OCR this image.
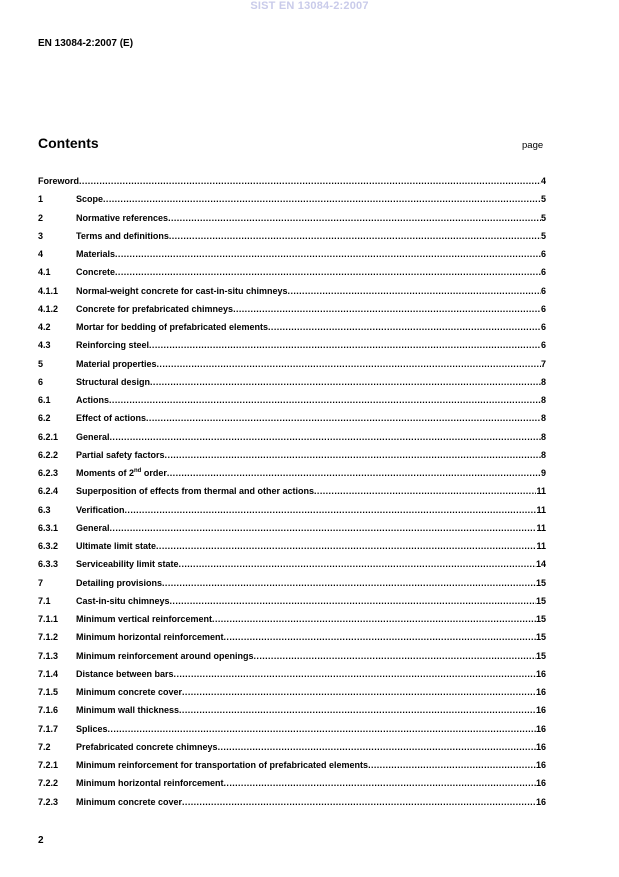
SIST EN 13084-2:2007
EN 13084-2:2007 (E)
Contents	page
Foreword .....	4
1	Scope .....	5
2	Normative references .....	5
3	Terms and definitions .....	5
4	Materials .....	6
4.1	Concrete .....	6
4.1.1 Normal-weight concrete for cast-in-situ chimneys .....	6
4.1.2 Concrete for prefabricated chimneys .....	6
4.2	Mortar for bedding of prefabricated elements .....	6
4.3	Reinforcing steel .....	6
5	Material properties .....	7
6	Structural design .....	8
6.1	Actions .....	8
6.2	Effect of actions .....	8
6.2.1 General .....	8
6.2.2 Partial safety factors .....	8
6.2.3 Moments of 2nd order .....	9
6.2.4 Superposition of effects from thermal and other actions .....	11
6.3	Verification .....	11
6.3.1 General .....	11
6.3.2 Ultimate limit state .....	11
6.3.3 Serviceability limit state .....	14
7	Detailing provisions .....	15
7.1	Cast-in-situ chimneys .....	15
7.1.1 Minimum vertical reinforcement .....	15
7.1.2 Minimum horizontal reinforcement .....	15
7.1.3 Minimum reinforcement around openings .....	15
7.1.4 Distance between bars .....	16
7.1.5 Minimum concrete cover .....	16
7.1.6 Minimum wall thickness .....	16
7.1.7 Splices .....	16
7.2	Prefabricated concrete chimneys .....	16
7.2.1 Minimum reinforcement for transportation of prefabricated elements .....	16
7.2.2 Minimum horizontal reinforcement .....	16
7.2.3 Minimum concrete cover .....	16
2
